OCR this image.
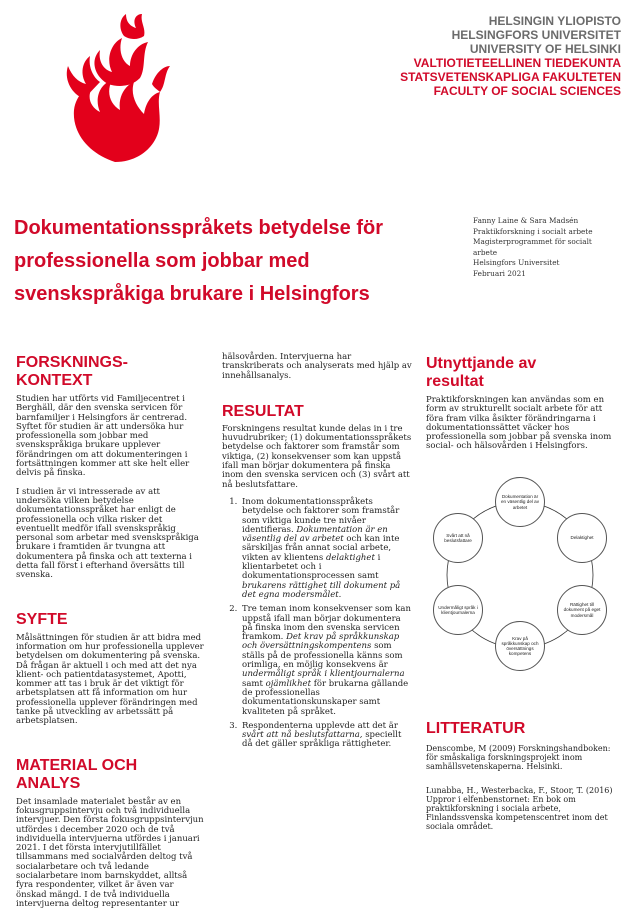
HELSINGIN YLIOPISTO
HELSINGFORS UNIVERSITET
UNIVERSITY OF HELSINKI
VALTIOTIETEELLINEN TIEDEKUNTA
STATSVETENSKAPLIGA FAKULTETEN
FACULTY OF SOCIAL SCIENCES
Dokumentationsspråkets betydelse för professionella som jobbar med svenskspråkiga brukare i Helsingfors
Fanny Laine & Sara Madsén
Praktikforskning i socialt arbete
Magisterprogrammet för socialt arbete
Helsingfors Universitet
Februari 2021
FORSKNINGS-KONTEXT

Studien har utförts vid Familjecentret i Berghäll, där den svenska servicen för barnfamiljer i Helsingfors är centrerad. Syftet för studien är att undersöka hur professionella som jobbar med svenskspråkiga brukare upplever förändringen om att dokumenteringen i fortsättningen kommer att ske helt eller delvis på finska.

I studien är vi intresserade av att undersöka vilken betydelse dokumentationsspråket har enligt de professionella och vilka risker det eventuellt medför ifall svenskspråkig personal som arbetar med svenskspråkiga brukare i framtiden är tvungna att dokumentera på finska och att texterna i detta fall först i efterhand översätts till svenska.

SYFTE

Målsättningen för studien är att bidra med information om hur professionella upplever betydelsen om dokumentering på svenska. Då frågan är aktuell i och med att det nya klient- och patientdatasystemet, Apotti, kommer att tas i bruk är det viktigt för arbetsplatsen att få information om hur professionella upplever förändringen med tanke på utveckling av arbetssätt på arbetsplatsen.

MATERIAL OCH ANALYS

Det insamlade materialet består av en fokusgruppsintervju och två individuella intervjuer. Den första fokusgruppsintervjun utfördes i december 2020 och de två individuella intervjuerna utfördes i januari 2021. I det första intervjutillfället tillsammans med socialvården deltog två socialarbetare och två ledande socialarbetare inom barnskyddet, alltså fyra respondenter, vilket är även var önskad mängd. I de två individuella intervjuerna deltog representanter ur

hälsovården. Intervjuerna har transkriberats och analyserats med hjälp av innehållsanalys.

RESULTAT

Forskningens resultat kunde delas in i tre huvudrubriker; (1) dokumentationsspråkets betydelse och faktorer som framstår som viktiga, (2) konsekvenser som kan uppstå ifall man börjar dokumentera på finska inom den svenska servicen och (3) svårt att nå beslutsfattare.

1. Inom dokumentationsspråkets betydelse och faktorer som framstår som viktiga kunde tre nivåer identifieras. Dokumentation är en väsentlig del av arbetet och kan inte särskiljas från annat social arbete, vikten av klientens delaktighet i klientarbetet och i dokumentationsprocessen samt brukarens rättighet till dokument på det egna modersmålet.
2. Tre teman inom konsekvenser som kan uppstå ifall man börjar dokumentera på finska inom den svenska servicen framkom. Det krav på språkkunskap och översättningskompentens som ställs på de professionella känns som orimliga, en möjlig konsekvens är undermåligt språk i klientjournalerna samt ojämlikhet för brukarna gällande de professionellas dokumentationskunskaper samt kvaliteten på språket.
3. Respondenterna upplevde att det är svårt att nå beslutsfattarna, speciellt då det gäller språkliga rättigheter.
Utnyttjande av resultat

Praktikforskningen kan användas som en form av strukturellt socialt arbete för att föra fram vilka åsikter förändringarna i dokumentationssättet väcker hos professionella som jobbar på svenska inom social- och hälsovården i Helsingfors.

Dokumentation är en väsentlig del av arbetet
Delaktighet
Rättighet till dokument på eget modersmål
Krav på språkkunskap och översättnings kompetens
Undermåligt språk i klientjournalerna
Svårt att nå beslutsfattare
LITTERATUR

Denscombe, M (2009) Forskningshandboken: för småskaliga forskningsprojekt inom samhällsvetenskaperna. Helsinki.

Lunabba, H., Westerbacka, F., Stoor, T. (2016) Uppror i elfenbenstornet: En bok om praktikforskning i sociala arbete, Finlandssvenska kompetenscentret inom det sociala området.
